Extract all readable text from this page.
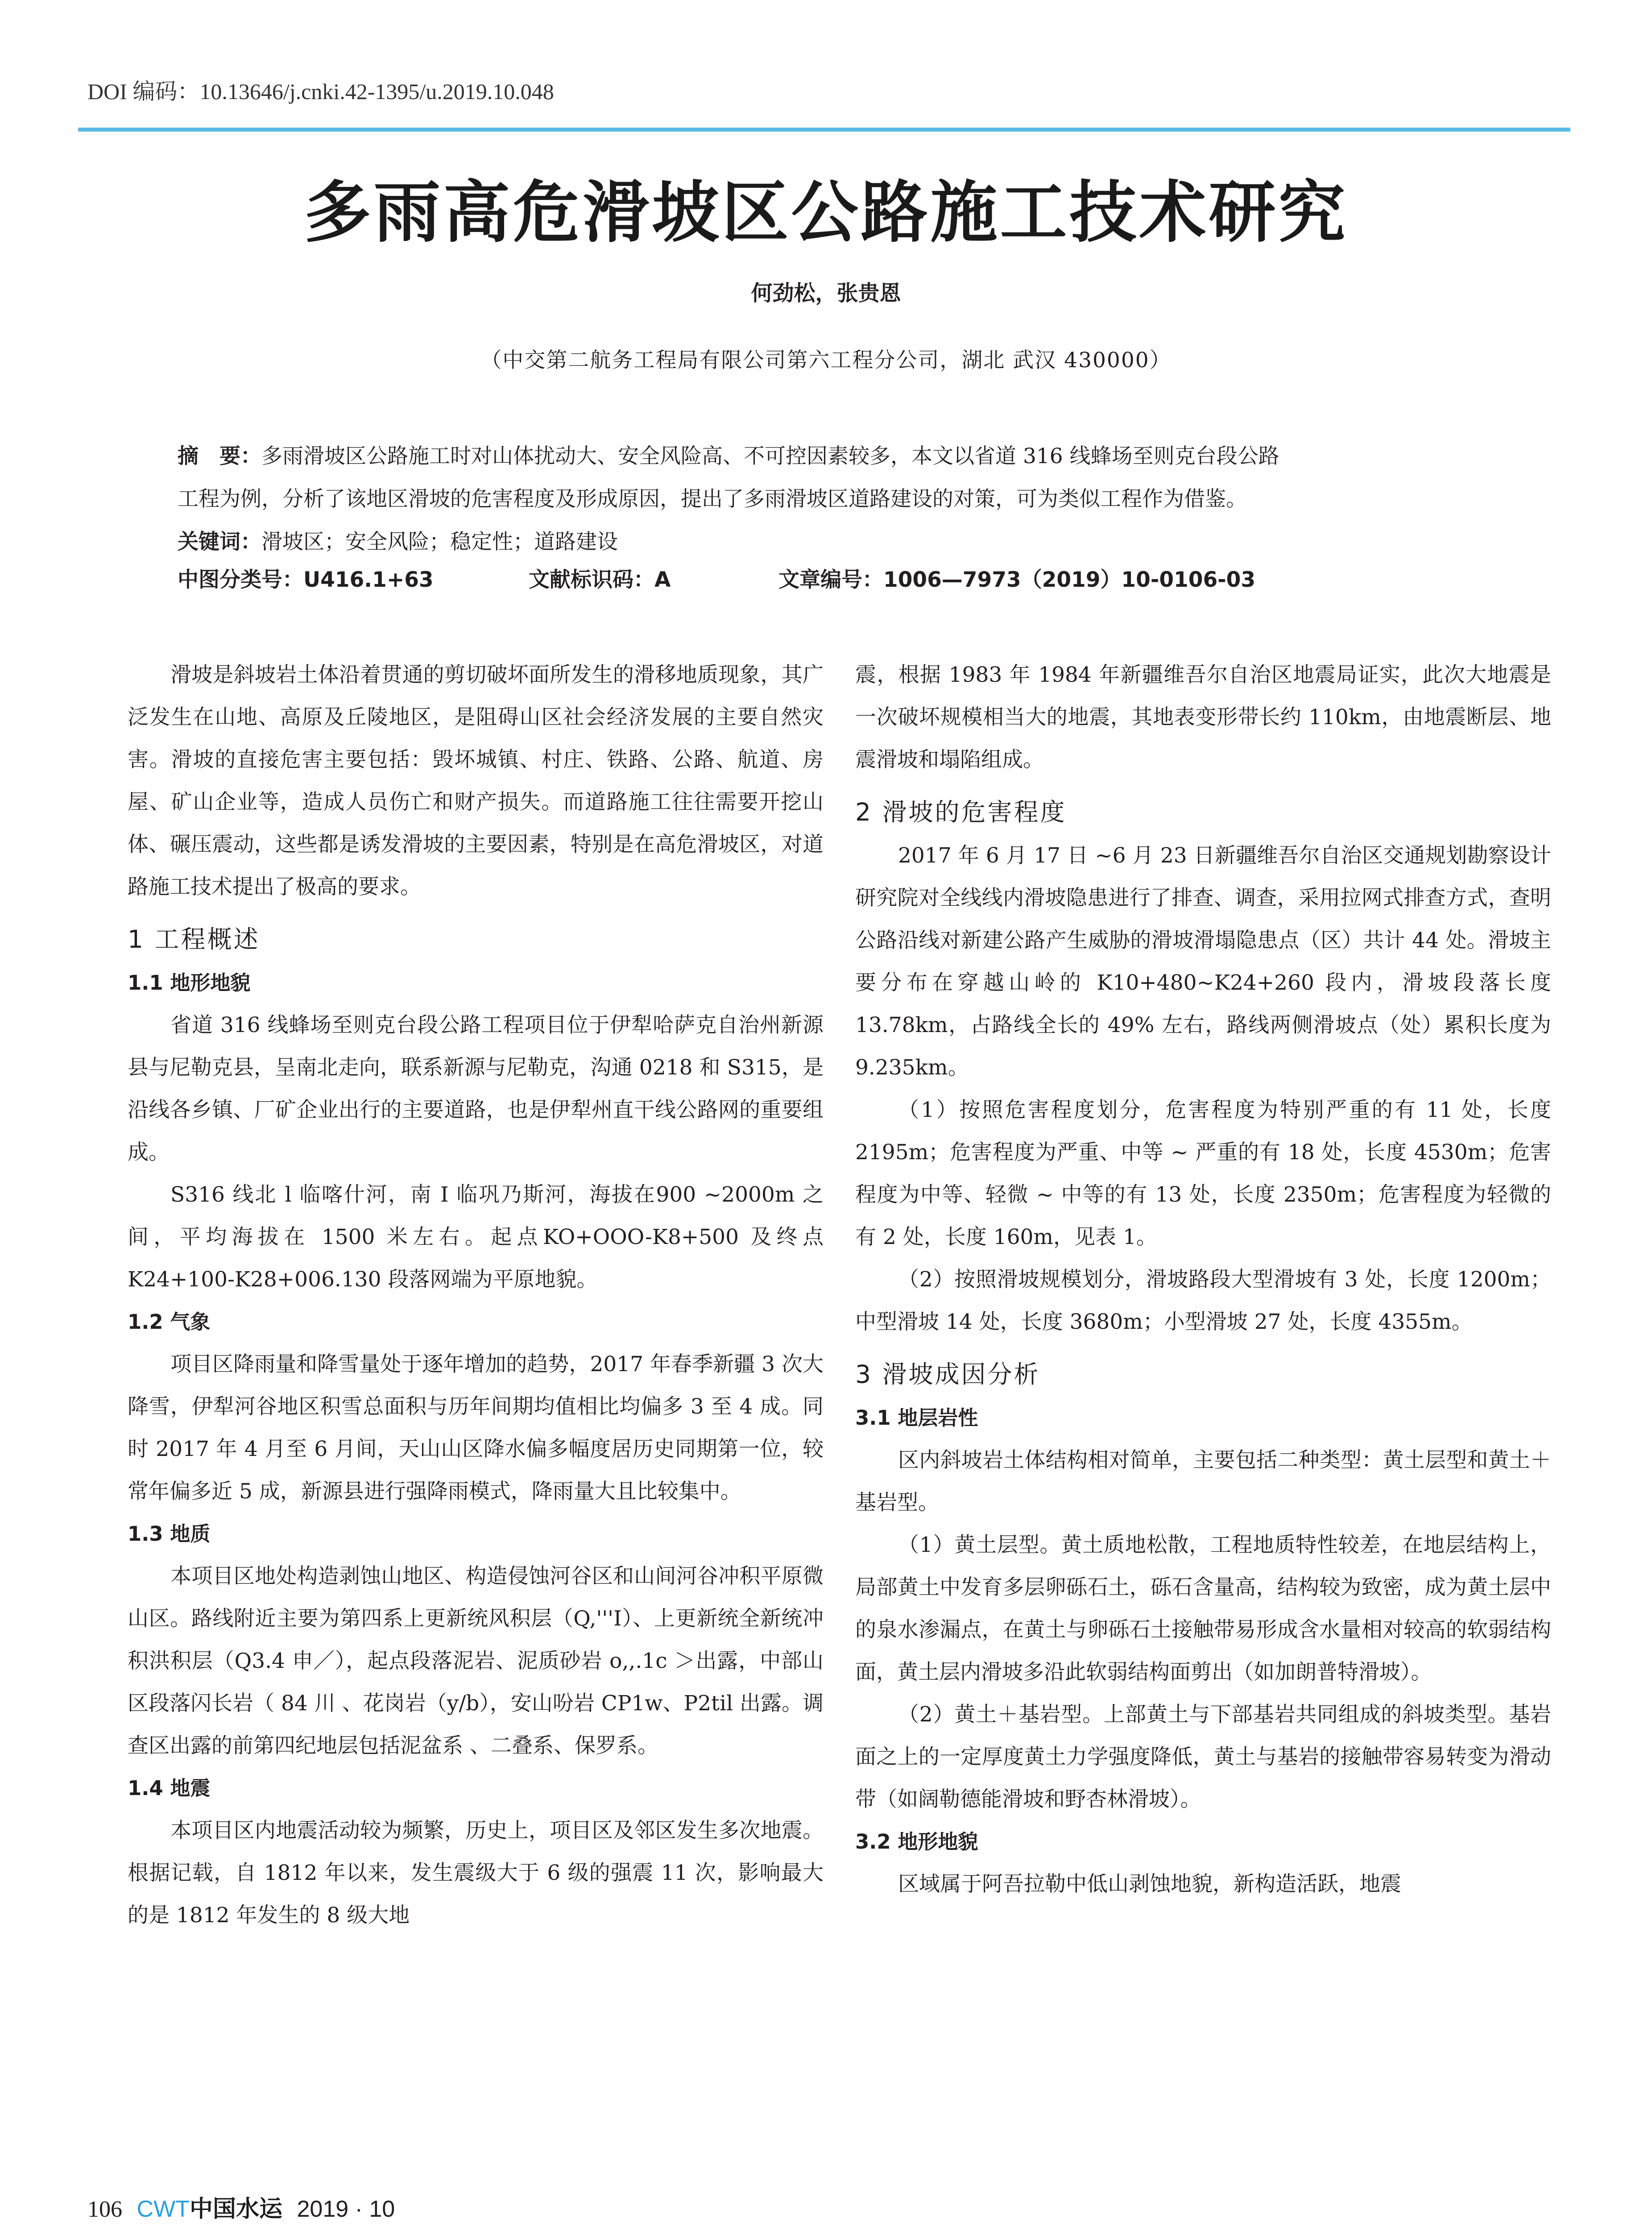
DOI 编码：10.13646/j.cnki.42-1395/u.2019.10.048
多雨高危滑坡区公路施工技术研究
何劲松，张贵恩
（中交第二航务工程局有限公司第六工程分公司，湖北 武汉 430000）
摘　要：多雨滑坡区公路施工时对山体扰动大、安全风险高、不可控因素较多，本文以省道 316 线蜂场至则克台段公路
工程为例，分析了该地区滑坡的危害程度及形成原因，提出了多雨滑坡区道路建设的对策，可为类似工程作为借鉴。
关键词：滑坡区；安全风险；稳定性；道路建设
中图分类号：U416.1+63	文献标识码：A	文章编号：1006—7973（2019）10-0106-03

滑坡是斜坡岩土体沿着贯通的剪切破坏面所发生的滑移地质现象，其广泛发生在山地、高原及丘陵地区，是阻碍山区社会经济发展的主要自然灾害。滑坡的直接危害主要包括：毁坏城镇、村庄、铁路、公路、航道、房屋、矿山企业等，造成人员伤亡和财产损失。而道路施工往往需要开挖山体、碾压震动，这些都是诱发滑坡的主要因素，特别是在高危滑坡区，对道路施工技术提出了极高的要求。

1 工程概述
1.1 地形地貌

省道 316 线蜂场至则克台段公路工程项目位于伊犁哈萨克自治州新源县与尼勒克县，呈南北走向，联系新源与尼勒克，沟通 0218 和 S315，是沿线各乡镇、厂矿企业出行的主要道路，也是伊犁州直干线公路网的重要组成。

S316 线北 l 临喀什河，南 I 临巩乃斯河，海拔在900 ~2000m 之间，平均海拔在 1500 米左右。起点KO+OOO-K8+500 及终点K24+100-K28+006.130 段落网端为平原地貌。

1.2 气象

项目区降雨量和降雪量处于逐年增加的趋势，2017 年春季新疆 3 次大降雪，伊犁河谷地区积雪总面积与历年间期均值相比均偏多 3 至 4 成。同时 2017 年 4 月至 6 月间，天山山区降水偏多幅度居历史同期第一位，较常年偏多近 5 成，新源县进行强降雨模式，降雨量大且比较集中。

1.3 地质

本项目区地处构造剥蚀山地区、构造侵蚀河谷区和山间河谷冲积平原微山区。路线附近主要为第四系上更新统风积层（Q,'''I）、上更新统全新统冲积洪积层（Q3.4 申／），起点段落泥岩、泥质砂岩 o,,.1c ＞出露，中部山区段落闪长岩（ 84 川 、花岗岩（y/b），安山吩岩 CP1w、P2til 出露。调查区出露的前第四纪地层包括泥盆系 、二叠系、保罗系。

1.4 地震

本项目区内地震活动较为频繁，历史上，项目区及邻区发生多次地震。根据记载，自 1812 年以来，发生震级大于 6 级的强震 11 次，影响最大的是 1812 年发生的 8 级大地

震，根据 1983 年 1984 年新疆维吾尔自治区地震局证实，此次大地震是一次破坏规模相当大的地震，其地表变形带长约 110km，由地震断层、地震滑坡和塌陷组成。

2 滑坡的危害程度

2017 年 6 月 17 日 ~6 月 23 日新疆维吾尔自治区交通规划勘察设计研究院对全线线内滑坡隐患进行了排查、调查，采用拉网式排查方式，查明公路沿线对新建公路产生威胁的滑坡滑塌隐患点（区）共计 44 处。滑坡主要分布在穿越山岭的 K10+480~K24+260 段内，滑坡段落长度 13.78km，占路线全长的 49% 左右，路线两侧滑坡点（处）累积长度为 9.235km。

（1）按照危害程度划分，危害程度为特别严重的有 11 处，长度 2195m；危害程度为严重、中等 ~ 严重的有 18 处，长度 4530m；危害程度为中等、轻微 ~ 中等的有 13 处，长度 2350m；危害程度为轻微的有 2 处，长度 160m，见表 1。

（2）按照滑坡规模划分，滑坡路段大型滑坡有 3 处，长度 1200m；中型滑坡 14 处，长度 3680m；小型滑坡 27 处，长度 4355m。

3 滑坡成因分析
3.1 地层岩性

区内斜坡岩土体结构相对简单，主要包括二种类型：黄土层型和黄土＋基岩型。

（1）黄土层型。黄土质地松散，工程地质特性较差，在地层结构上，局部黄土中发育多层卵砾石土，砾石含量高，结构较为致密，成为黄土层中的泉水渗漏点，在黄土与卵砾石土接触带易形成含水量相对较高的软弱结构面，黄土层内滑坡多沿此软弱结构面剪出（如加朗普特滑坡）。

（2）黄土＋基岩型。上部黄土与下部基岩共同组成的斜坡类型。基岩面之上的一定厚度黄土力学强度降低，黄土与基岩的接触带容易转变为滑动带（如阔勒德能滑坡和野杏林滑坡）。

3.2 地形地貌

区域属于阿吾拉勒中低山剥蚀地貌，新构造活跃，地震

106 CWT中国水运 2019 · 10
